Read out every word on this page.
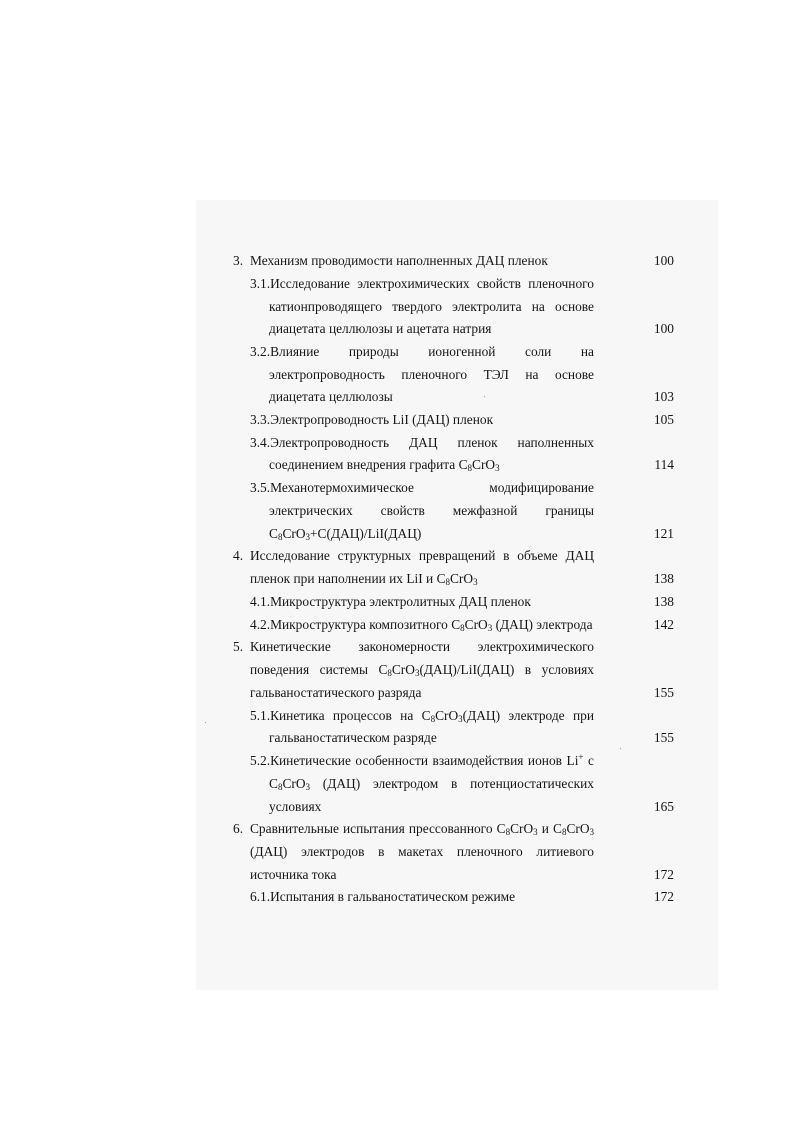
3. Механизм проводимости наполненных ДАЦ пленок	100
3.1.Исследование электрохимических свойств пленочного
катионпроводящего твердого электролита на основе
диацетата целлюлозы и ацетата натрия	100
3.2.Влияние природы ионогенной соли на
электропроводность пленочного ТЭЛ на основе
диацетата целлюлозы	103
3.3.Электропроводность LiI (ДАЦ) пленок	105
3.4.Электропроводность ДАЦ пленок наполненных
соединением внедрения графита $C_8CrO_3$	114
3.5.Механотермохимическое модифицирование
электрических свойств межфазной границы
$C_8CrO_3+C(ДАЦ)/LiI(ДАЦ)$	121
4. Исследование структурных превращений в объеме ДАЦ
пленок при наполнении их LiI и $C_8CrO_3$	138
4.1.Микроструктура электролитных ДАЦ пленок	138
4.2.Микроструктура композитного $C_8CrO_3$ (ДАЦ) электрода	142
5. Кинетические закономерности электрохимического
поведения системы $C_8CrO_3(ДАЦ)/LiI(ДАЦ)$ в условиях
гальваностатического разряда	155
5.1.Кинетика процессов на $C_8CrO_3(ДАЦ)$ электроде при
гальваностатическом разряде	155
5.2.Кинетические особенности взаимодействия ионов Li+ с
$C_8CrO_3$ (ДАЦ) электродом в потенциостатических
условиях	165
6. Сравнительные испытания прессованного $C_8CrO_3$ и $C_8CrO_3$
(ДАЦ) электродов в макетах пленочного литиевого
источника тока	172
6.1.Испытания в гальваностатическом режиме	172
